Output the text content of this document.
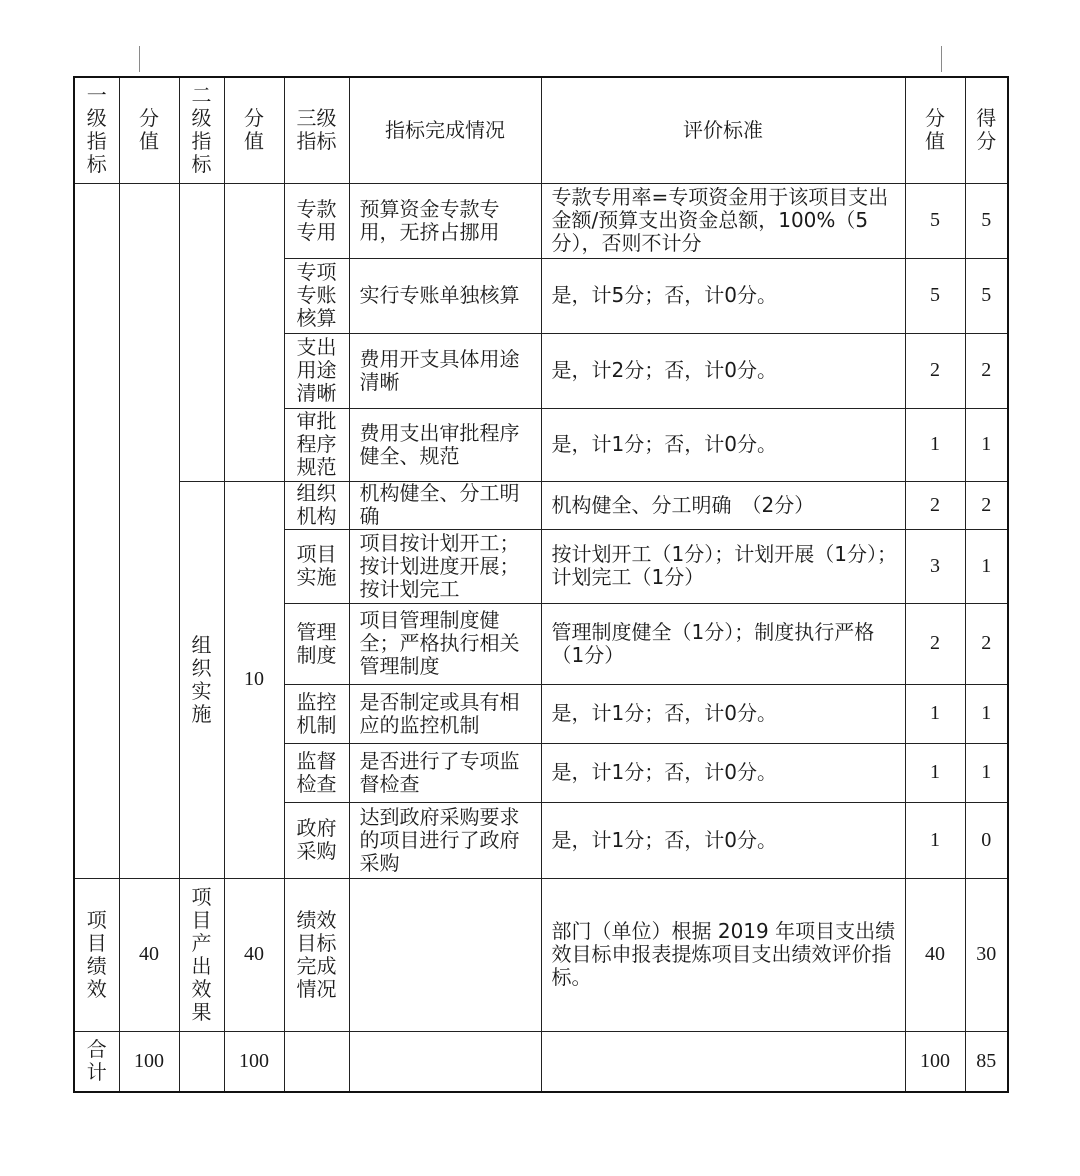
一级指标	分值	二级指标	分值	三级指标	指标完成情况	评价标准	分值	得分
				专款专用	预算资金专款专用，无挤占挪用	专款专用率=专项资金用于该项目支出金额/预算支出资金总额，100%（5分），否则不计分	5	5
				专项专账核算	实行专账单独核算	是，计5分；否，计0分。	5	5
				支出用途清晰	费用开支具体用途清晰	是，计2分；否，计0分。	2	2
				审批程序规范	费用支出审批程序健全、规范	是，计1分；否，计0分。	1	1
		组织实施	10	组织机构	机构健全、分工明确	机构健全、分工明确　（2分）	2	2
				项目实施	项目按计划开工；按计划进度开展；按计划完工	按计划开工（1分）；计划开展（1分）；计划完工（1分）	3	1
				管理制度	项目管理制度健全；严格执行相关管理制度	管理制度健全（1分）；制度执行严格（1分）	2	2
				监控机制	是否制定或具有相应的监控机制	是，计1分；否，计0分。	1	1
				监督检查	是否进行了专项监督检查	是，计1分；否，计0分。	1	1
				政府采购	达到政府采购要求的项目进行了政府采购	是，计1分；否，计0分。	1	0
项目绩效	40	项目产出效果	40	绩效目标完成情况		部门（单位）根据 2019 年项目支出绩效目标申报表提炼项目支出绩效评价指标。	40	30
合计	100		100				100	85
